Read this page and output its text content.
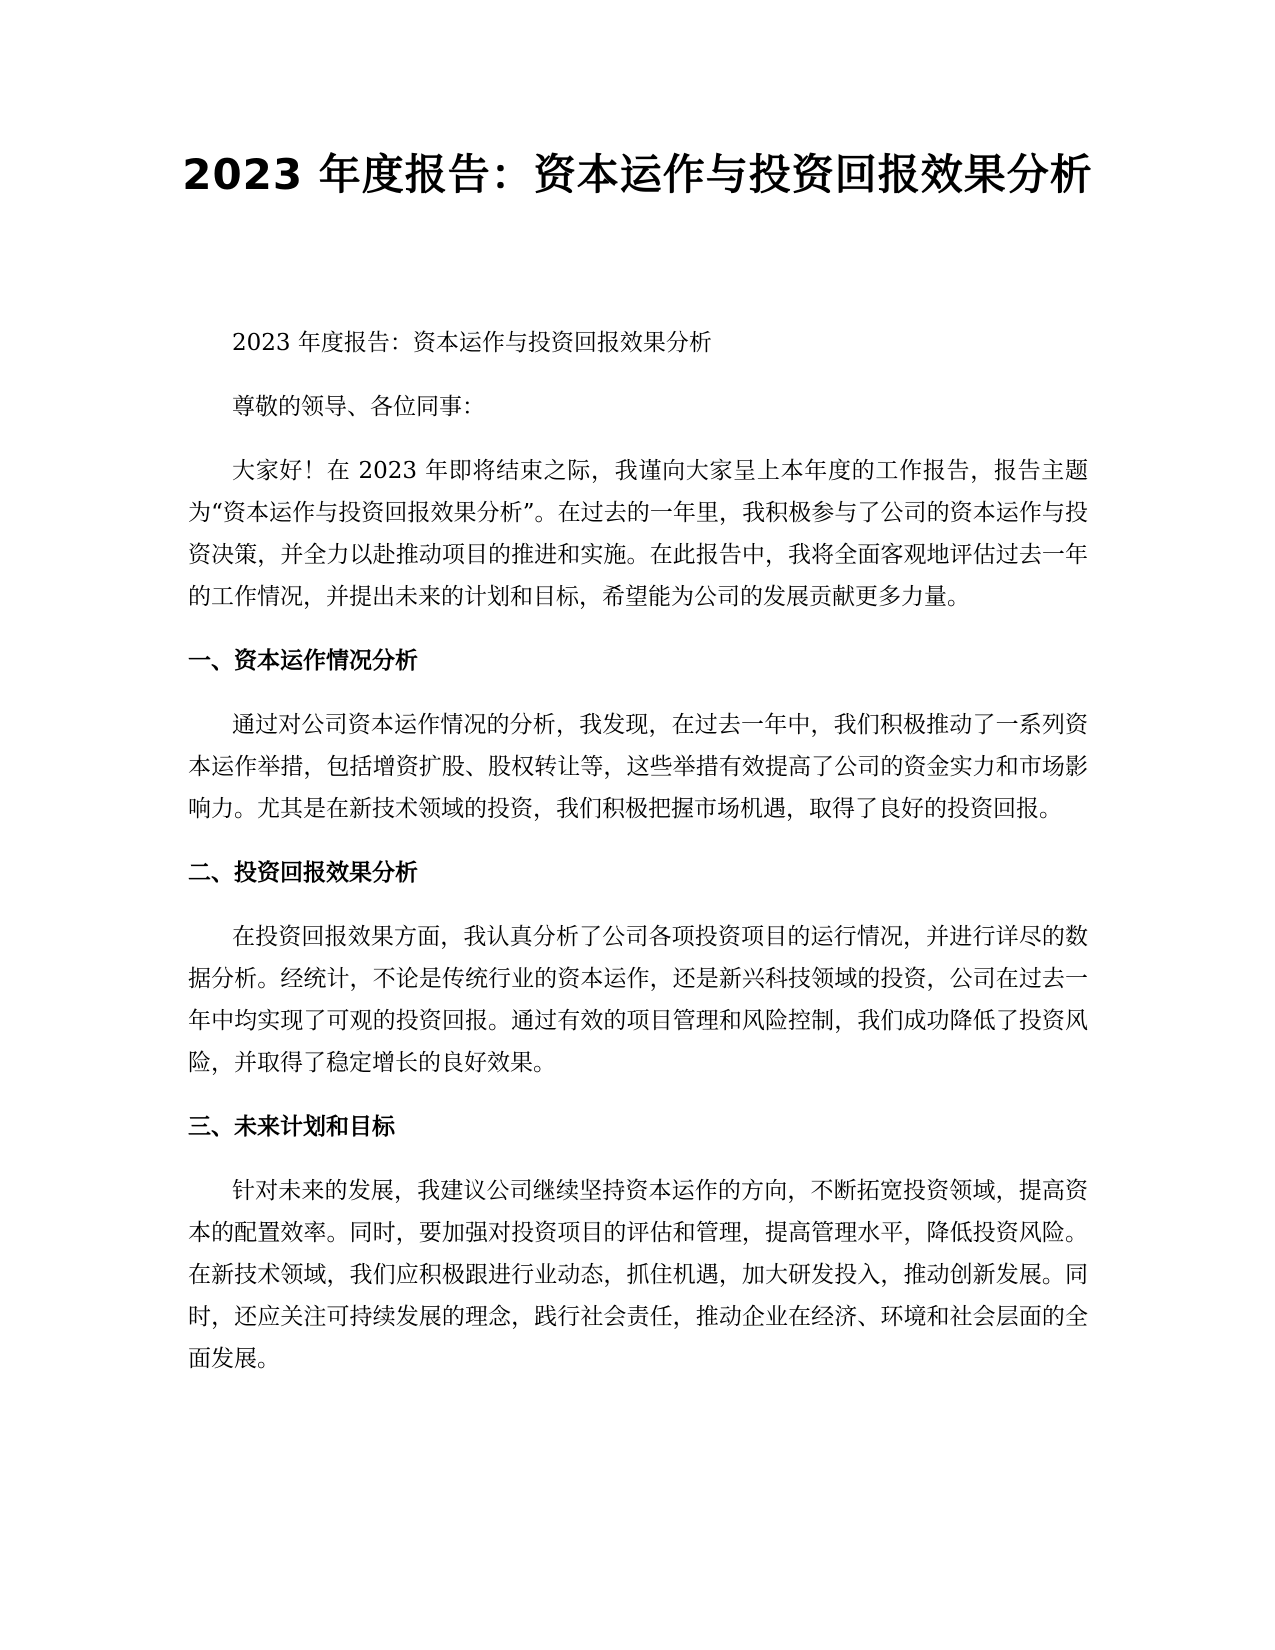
2023 年度报告：资本运作与投资回报效果分析

2023 年度报告：资本运作与投资回报效果分析

尊敬的领导、各位同事：

大家好！在 2023 年即将结束之际，我谨向大家呈上本年度的工作报告，报告主题为“资本运作与投资回报效果分析”。在过去的一年里，我积极参与了公司的资本运作与投资决策，并全力以赴推动项目的推进和实施。在此报告中，我将全面客观地评估过去一年的工作情况，并提出未来的计划和目标，希望能为公司的发展贡献更多力量。

一、资本运作情况分析

通过对公司资本运作情况的分析，我发现，在过去一年中，我们积极推动了一系列资本运作举措，包括增资扩股、股权转让等，这些举措有效提高了公司的资金实力和市场影响力。尤其是在新技术领域的投资，我们积极把握市场机遇，取得了良好的投资回报。

二、投资回报效果分析

在投资回报效果方面，我认真分析了公司各项投资项目的运行情况，并进行详尽的数据分析。经统计，不论是传统行业的资本运作，还是新兴科技领域的投资，公司在过去一年中均实现了可观的投资回报。通过有效的项目管理和风险控制，我们成功降低了投资风险，并取得了稳定增长的良好效果。

三、未来计划和目标

针对未来的发展，我建议公司继续坚持资本运作的方向，不断拓宽投资领域，提高资本的配置效率。同时，要加强对投资项目的评估和管理，提高管理水平，降低投资风险。在新技术领域，我们应积极跟进行业动态，抓住机遇，加大研发投入，推动创新发展。同时，还应关注可持续发展的理念，践行社会责任，推动企业在经济、环境和社会层面的全面发展。
